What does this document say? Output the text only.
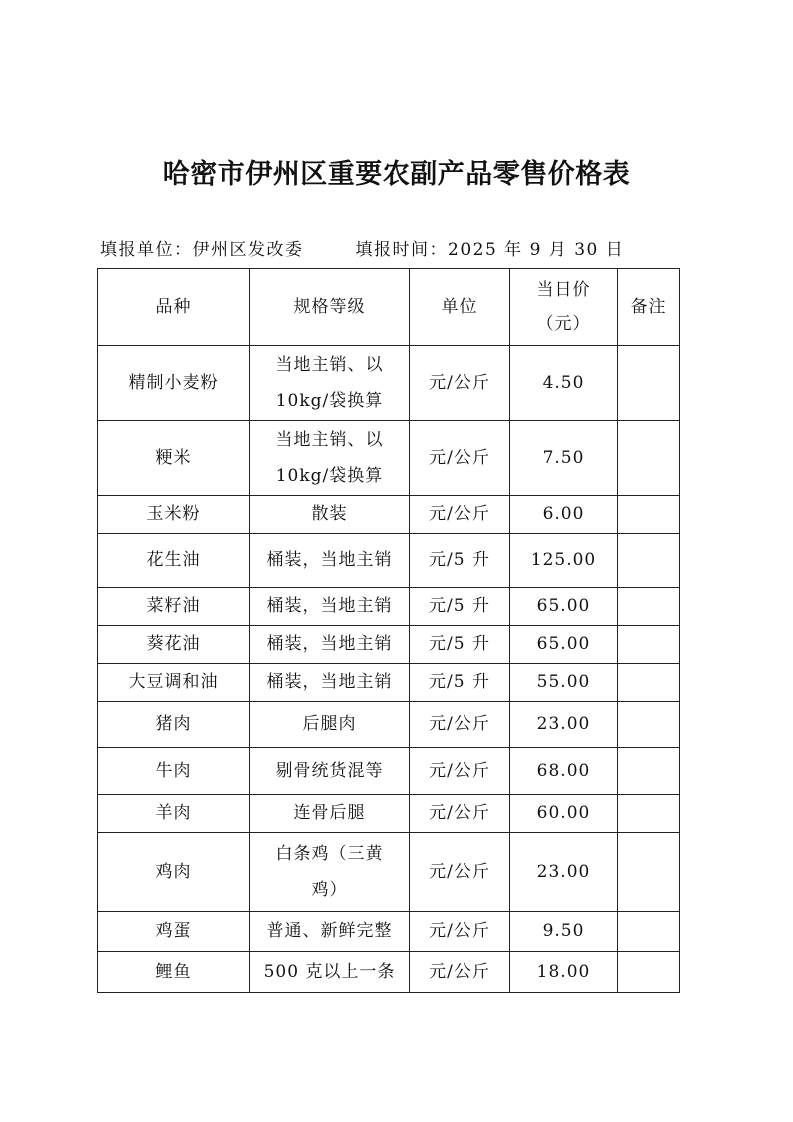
哈密市伊州区重要农副产品零售价格表
填报单位：伊州区发改委	填报时间：2025 年 9 月 30 日
品种	规格等级	单位	当日价（元）	备注
精制小麦粉	当地主销、以10kg/袋换算	元/公斤	4.50	
粳米	当地主销、以10kg/袋换算	元/公斤	7.50	
玉米粉	散装	元/公斤	6.00	
花生油	桶装，当地主销	元/5 升	125.00	
菜籽油	桶装，当地主销	元/5 升	65.00	
葵花油	桶装，当地主销	元/5 升	65.00	
大豆调和油	桶装，当地主销	元/5 升	55.00	
猪肉	后腿肉	元/公斤	23.00	
牛肉	剔骨统货混等	元/公斤	68.00	
羊肉	连骨后腿	元/公斤	60.00	
鸡肉	白条鸡（三黄鸡）	元/公斤	23.00	
鸡蛋	普通、新鲜完整	元/公斤	9.50	
鲤鱼	500 克以上一条	元/公斤	18.00	
